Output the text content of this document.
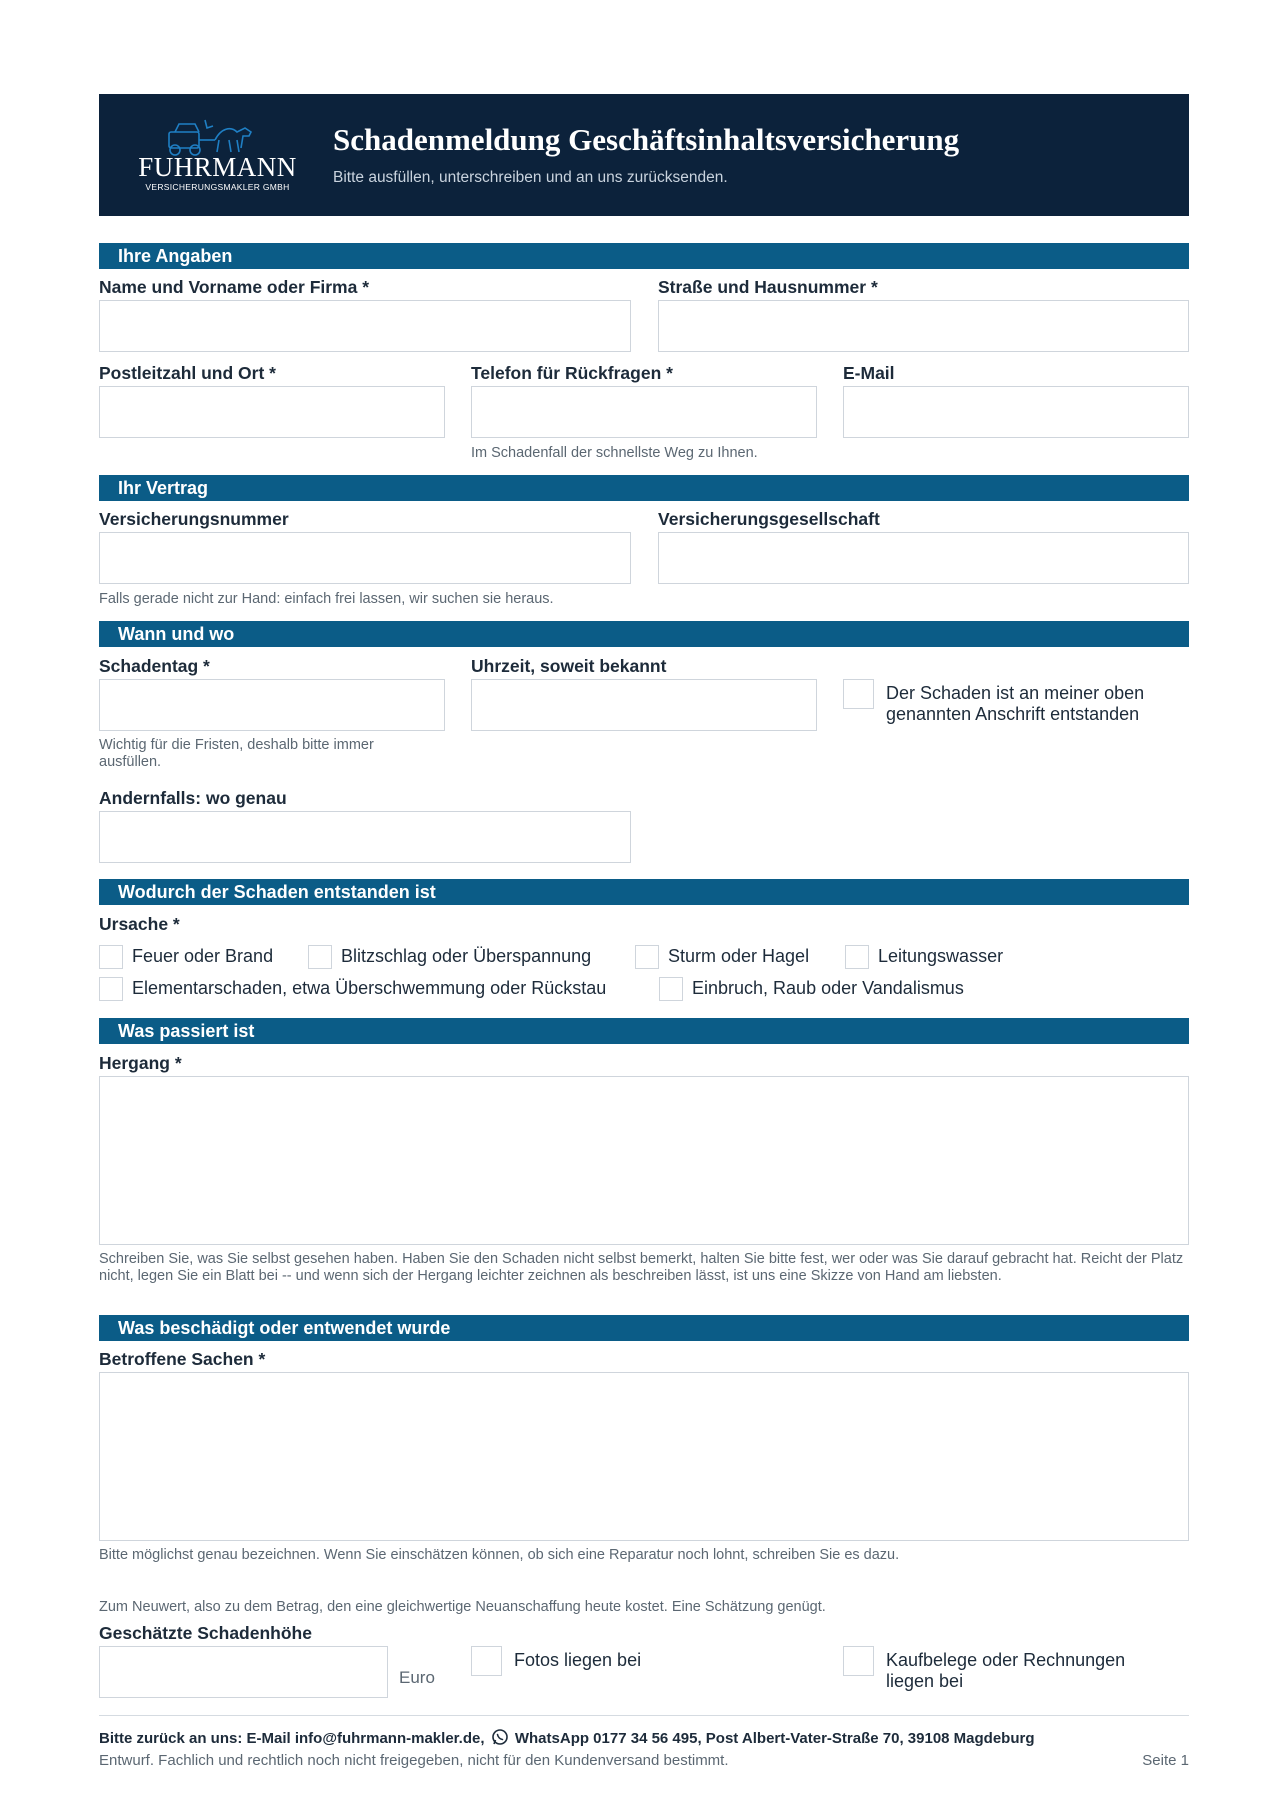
FUHRMANN
VERSICHERUNGSMAKLER GMBH
Schadenmeldung Geschäftsinhaltsversicherung
Bitte ausfüllen, unterschreiben und an uns zurücksenden.
Ihre Angaben
Name und Vorname oder Firma *	Straße und Hausnummer *
Postleitzahl und Ort *	Telefon für Rückfragen *	E-Mail
Im Schadenfall der schnellste Weg zu Ihnen.
Ihr Vertrag
Versicherungsnummer	Versicherungsgesellschaft
Falls gerade nicht zur Hand: einfach frei lassen, wir suchen sie heraus.
Wann und wo
Schadentag *	Uhrzeit, soweit bekannt
Der Schaden ist an meiner oben genannten Anschrift entstanden
Wichtig für die Fristen, deshalb bitte immer ausfüllen.
Andernfalls: wo genau
Wodurch der Schaden entstanden ist
Ursache *
Feuer oder Brand	Blitzschlag oder Überspannung	Sturm oder Hagel	Leitungswasser
Elementarschaden, etwa Überschwemmung oder Rückstau	Einbruch, Raub oder Vandalismus
Was passiert ist
Hergang *
Schreiben Sie, was Sie selbst gesehen haben. Haben Sie den Schaden nicht selbst bemerkt, halten Sie bitte fest, wer oder was Sie darauf gebracht hat. Reicht der Platz nicht, legen Sie ein Blatt bei -- und wenn sich der Hergang leichter zeichnen als beschreiben lässt, ist uns eine Skizze von Hand am liebsten.
Was beschädigt oder entwendet wurde
Betroffene Sachen *
Bitte möglichst genau bezeichnen. Wenn Sie einschätzen können, ob sich eine Reparatur noch lohnt, schreiben Sie es dazu.
Zum Neuwert, also zu dem Betrag, den eine gleichwertige Neuanschaffung heute kostet. Eine Schätzung genügt.
Geschätzte Schadenhöhe
Euro
Fotos liegen bei	Kaufbelege oder Rechnungen liegen bei
Bitte zurück an uns: E-Mail info@fuhrmann-makler.de, WhatsApp 0177 34 56 495, Post Albert-Vater-Straße 70, 39108 Magdeburg
Entwurf. Fachlich und rechtlich noch nicht freigegeben, nicht für den Kundenversand bestimmt.	Seite 1
